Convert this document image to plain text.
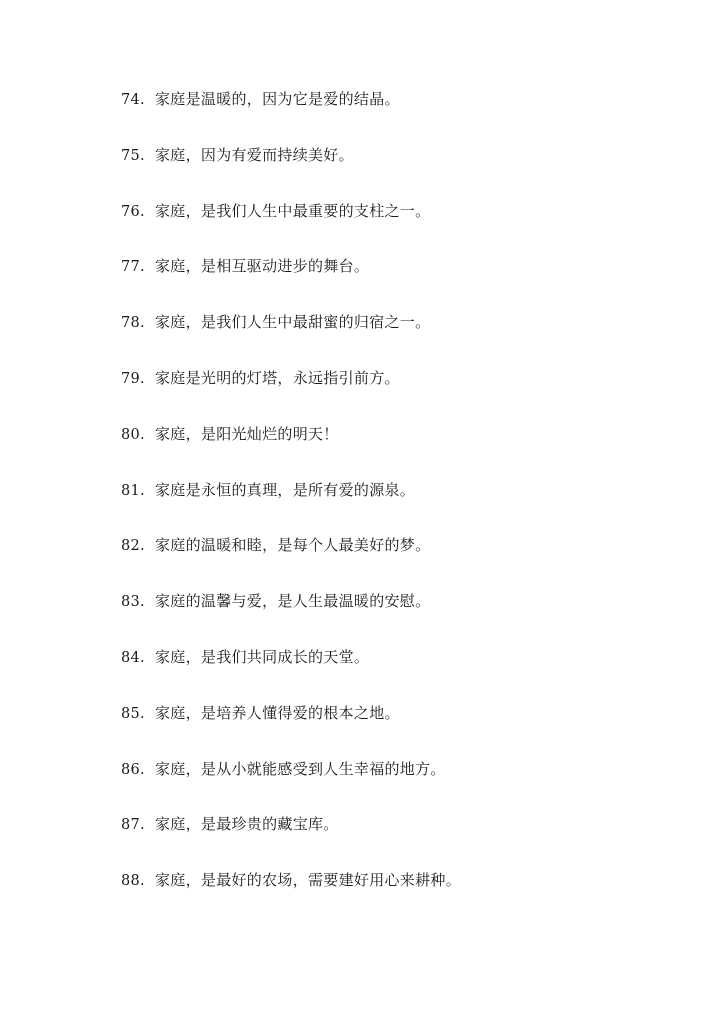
74. 家庭是温暖的，因为它是爱的结晶。
75. 家庭，因为有爱而持续美好。
76. 家庭，是我们人生中最重要的支柱之一。
77. 家庭，是相互驱动进步的舞台。
78. 家庭，是我们人生中最甜蜜的归宿之一。
79. 家庭是光明的灯塔，永远指引前方。
80. 家庭，是阳光灿烂的明天！
81. 家庭是永恒的真理，是所有爱的源泉。
82. 家庭的温暖和睦，是每个人最美好的梦。
83. 家庭的温馨与爱，是人生最温暖的安慰。
84. 家庭，是我们共同成长的天堂。
85. 家庭，是培养人懂得爱的根本之地。
86. 家庭，是从小就能感受到人生幸福的地方。
87. 家庭，是最珍贵的藏宝库。
88. 家庭，是最好的农场，需要建好用心来耕种。
